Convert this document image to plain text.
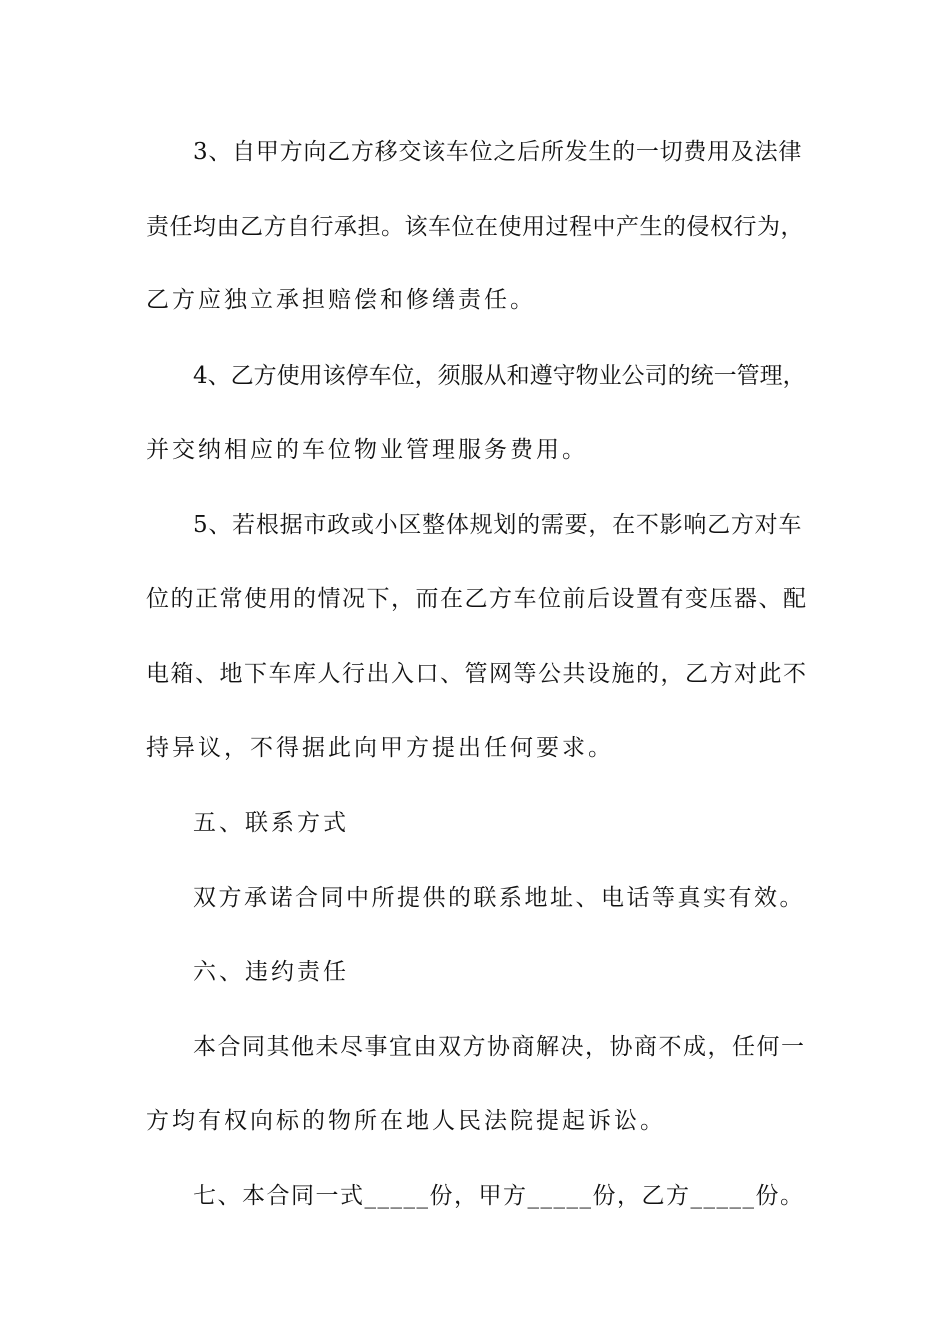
3、自甲方向乙方移交该车位之后所发生的一切费用及法律
责任均由乙方自行承担。该车位在使用过程中产生的侵权行为，
乙方应独立承担赔偿和修缮责任。
4、乙方使用该停车位，须服从和遵守物业公司的统一管理，
并交纳相应的车位物业管理服务费用。
5、若根据市政或小区整体规划的需要，在不影响乙方对车
位的正常使用的情况下，而在乙方车位前后设置有变压器、配
电箱、地下车库人行出入口、管网等公共设施的，乙方对此不
持异议，不得据此向甲方提出任何要求。
五、联系方式
双方承诺合同中所提供的联系地址、电话等真实有效。
六、违约责任
本合同其他未尽事宜由双方协商解决，协商不成，任何一
方均有权向标的物所在地人民法院提起诉讼。
七、本合同一式_____份，甲方_____份，乙方_____份。
